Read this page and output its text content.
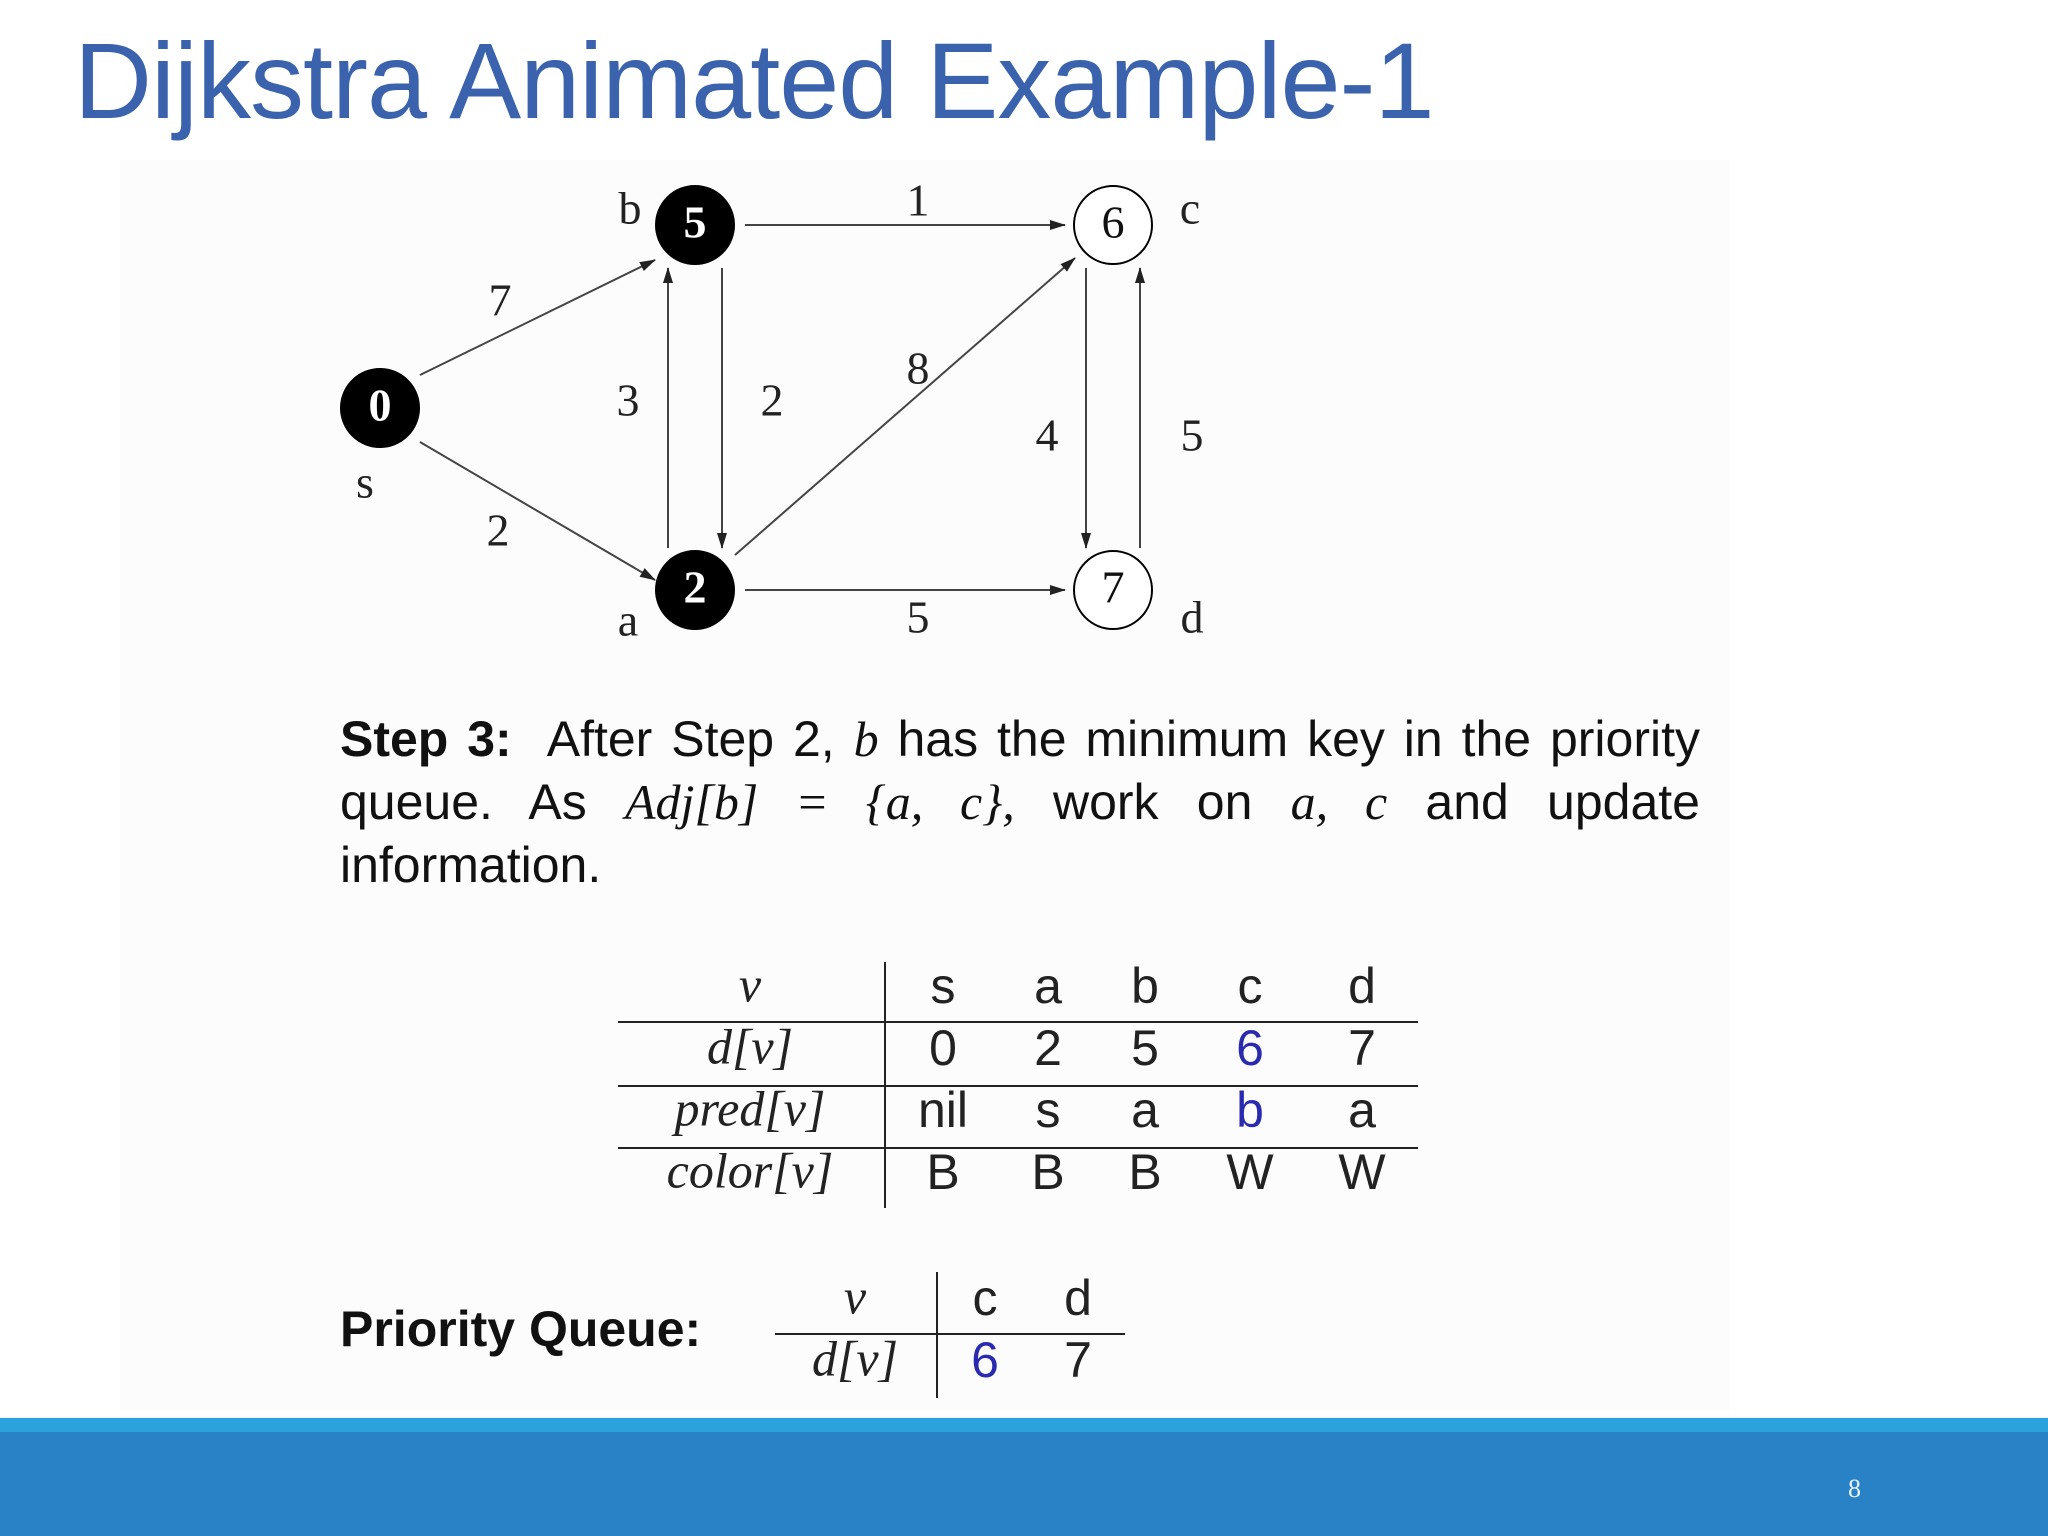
Dijkstra Animated Example-1
7
2
1
3	2
8
4	5
5
0
s
5
b
2
a
6 c
7
d
v
d[v]
pred[v]
color[v]
s a b c d
0 2 5 6 7
nil s a b a
B B B W W
v
d[v]
c d
6 7
Step 3: After Step 2, b has the minimum key in the priority queue. As Adj[b] = {a, c}, work on a, c and update information.
Priority Queue:
8
